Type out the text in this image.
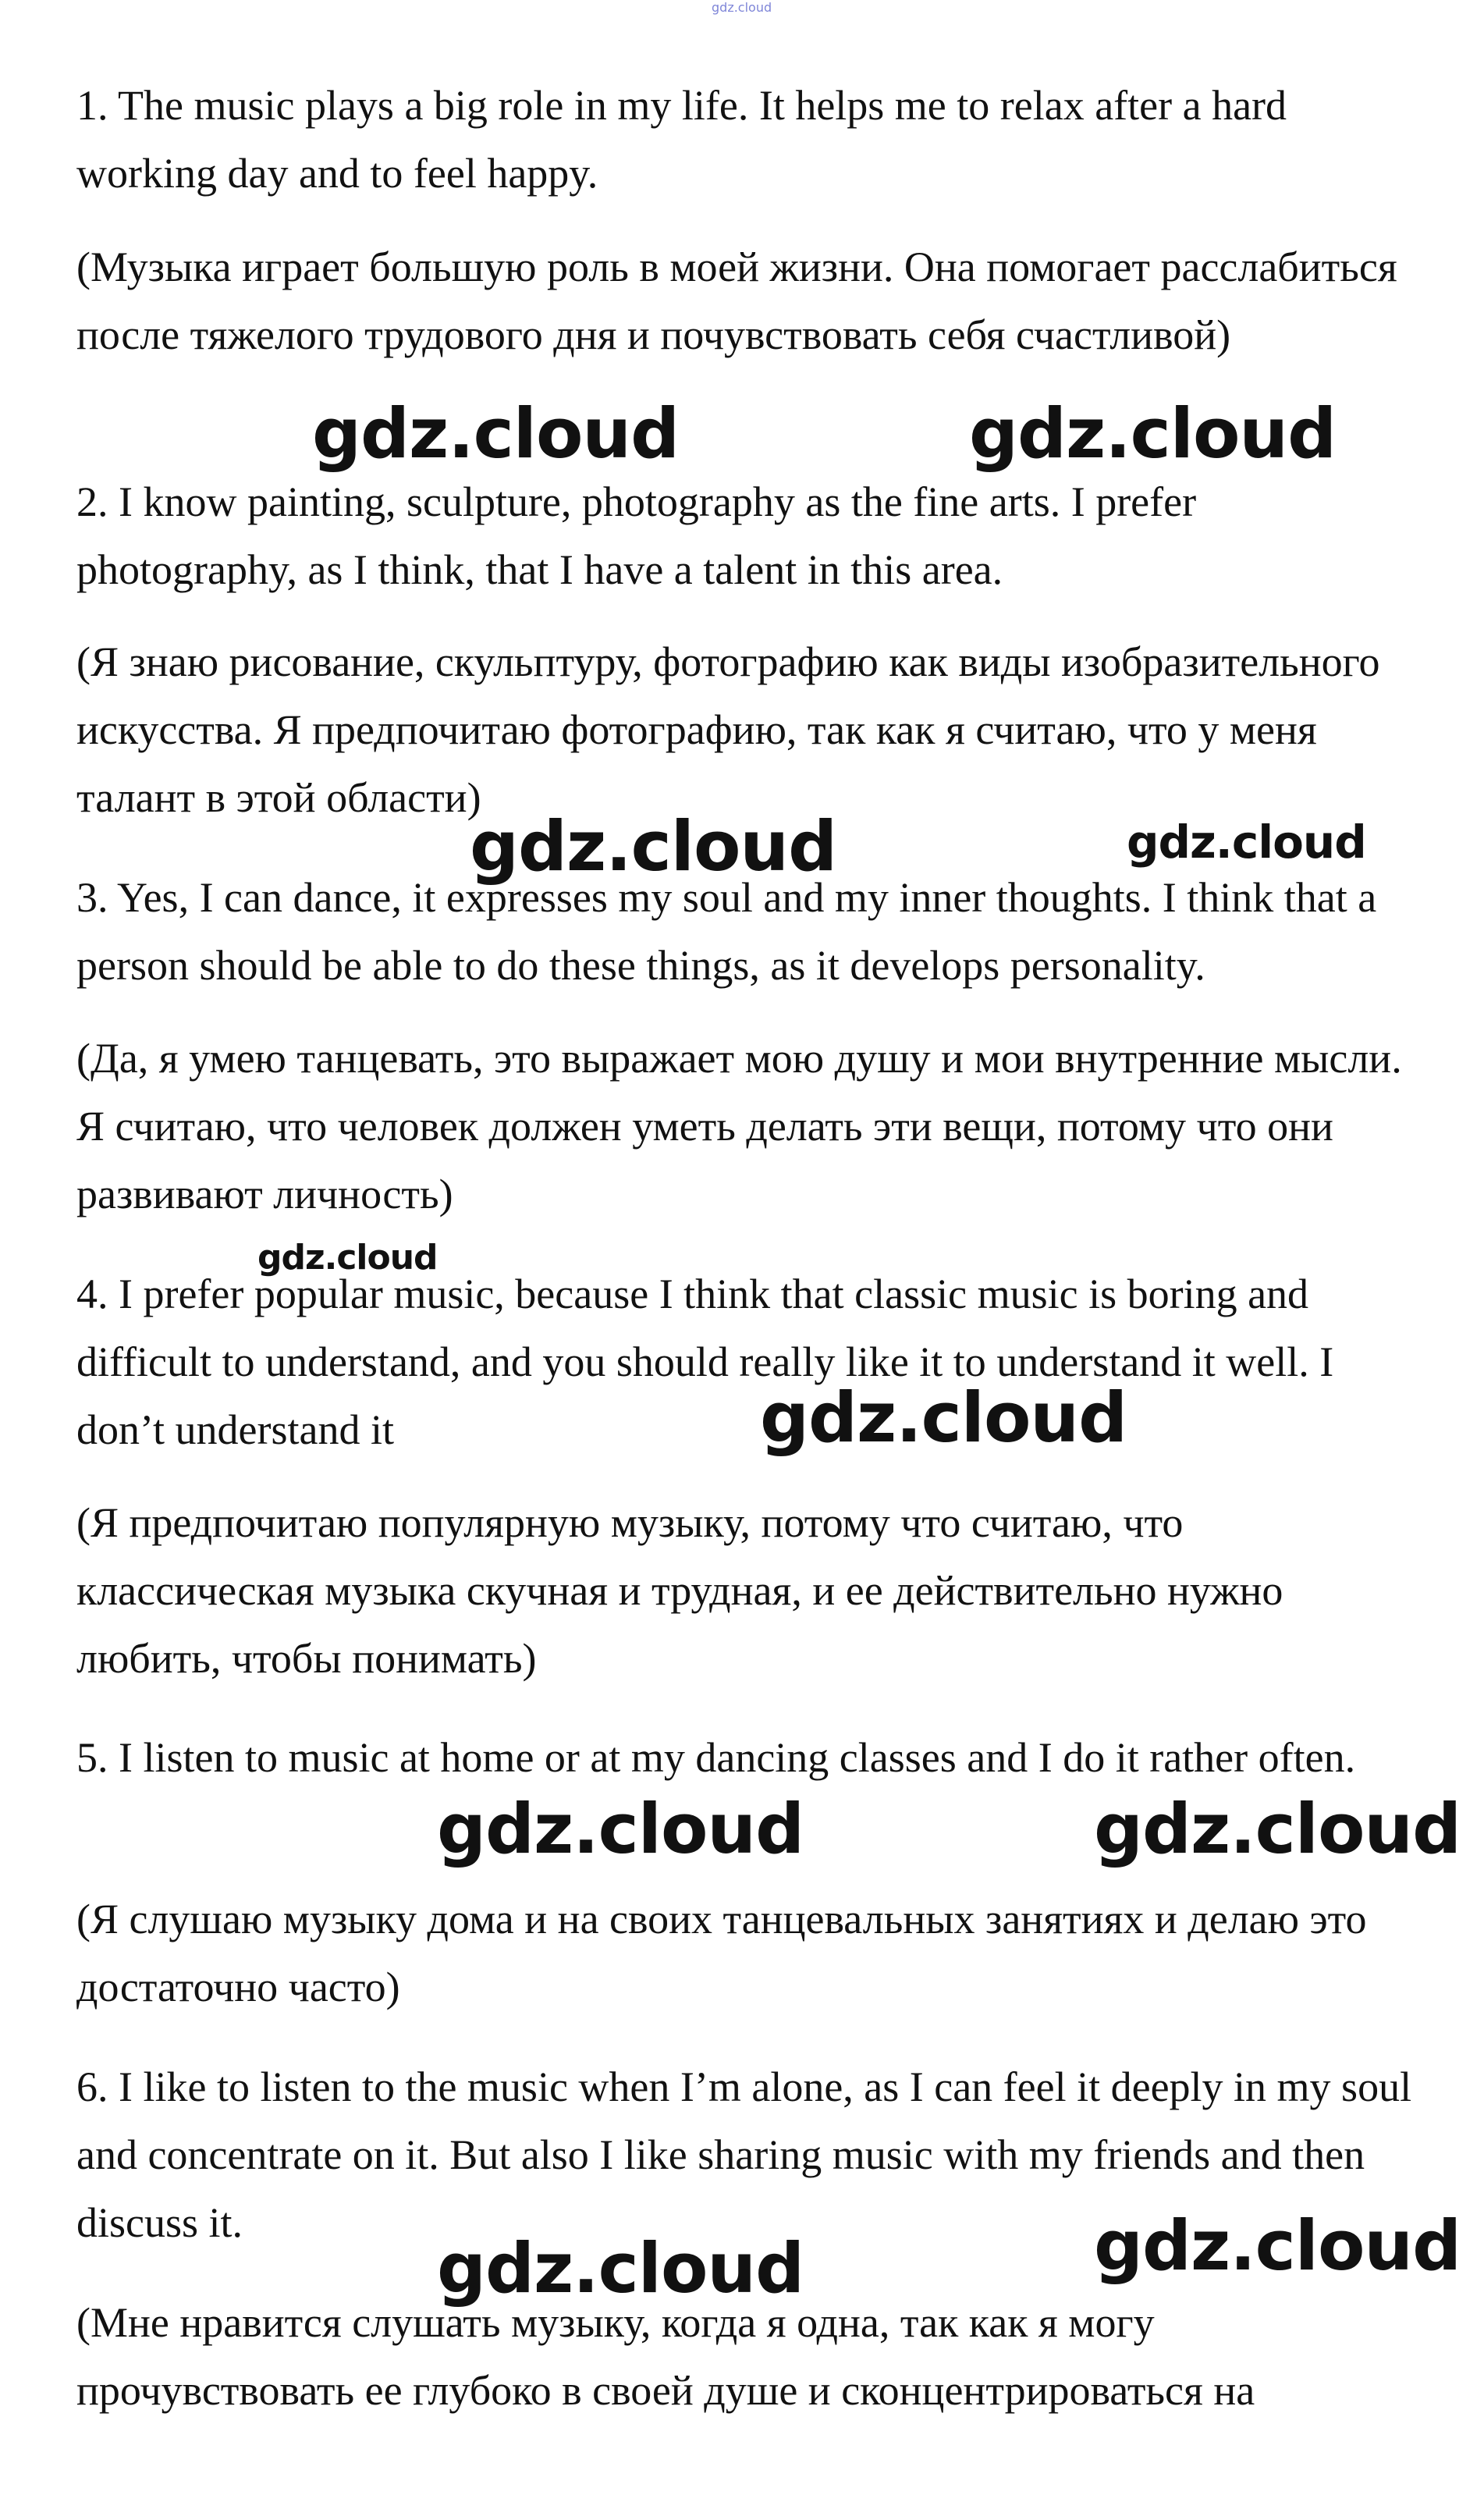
gdz.cloud

1. The music plays a big role in my life. It helps me to relax after a hard working day and to feel happy.

(Музыка играет большую роль в моей жизни. Она помогает расслабиться после тяжелого трудового дня и почувствовать себя счастливой)

2. I know painting, sculpture, photography as the fine arts. I prefer photography, as I think, that I have a talent in this area.

(Я знаю рисование, скульптуру, фотографию как виды изобразительного искусства. Я предпочитаю фотографию, так как я считаю, что у меня талант в этой области)

3. Yes, I can dance, it expresses my soul and my inner thoughts. I think that a person should be able to do these things, as it develops personality.

(Да, я умею танцевать, это выражает мою душу и мои внутренние мысли. Я считаю, что человек должен уметь делать эти вещи, потому что они развивают личность)

4. I prefer popular music, because I think that classic music is boring and difficult to understand, and you should really like it to understand it well. I don’t understand it

(Я предпочитаю популярную музыку, потому что считаю, что классическая музыка скучная и трудная, и ее действительно нужно любить, чтобы понимать)

5. I listen to music at home or at my dancing classes and I do it rather often.

(Я слушаю музыку дома и на своих танцевальных занятиях и делаю это достаточно часто)

6. I like to listen to the music when I’m alone, as I can feel it deeply in my soul and concentrate on it. But also I like sharing music with my friends and then discuss it.

(Мне нравится слушать музыку, когда я одна, так как я могу прочувствовать ее глубоко в своей душе и сконцентрироваться на

gdz.cloud	gdz.cloud
gdz.cloud	gdz.cloud
gdz.cloud
gdz.cloud
gdz.cloud	gdz.cloud
gdz.cloud	gdz.cloud
